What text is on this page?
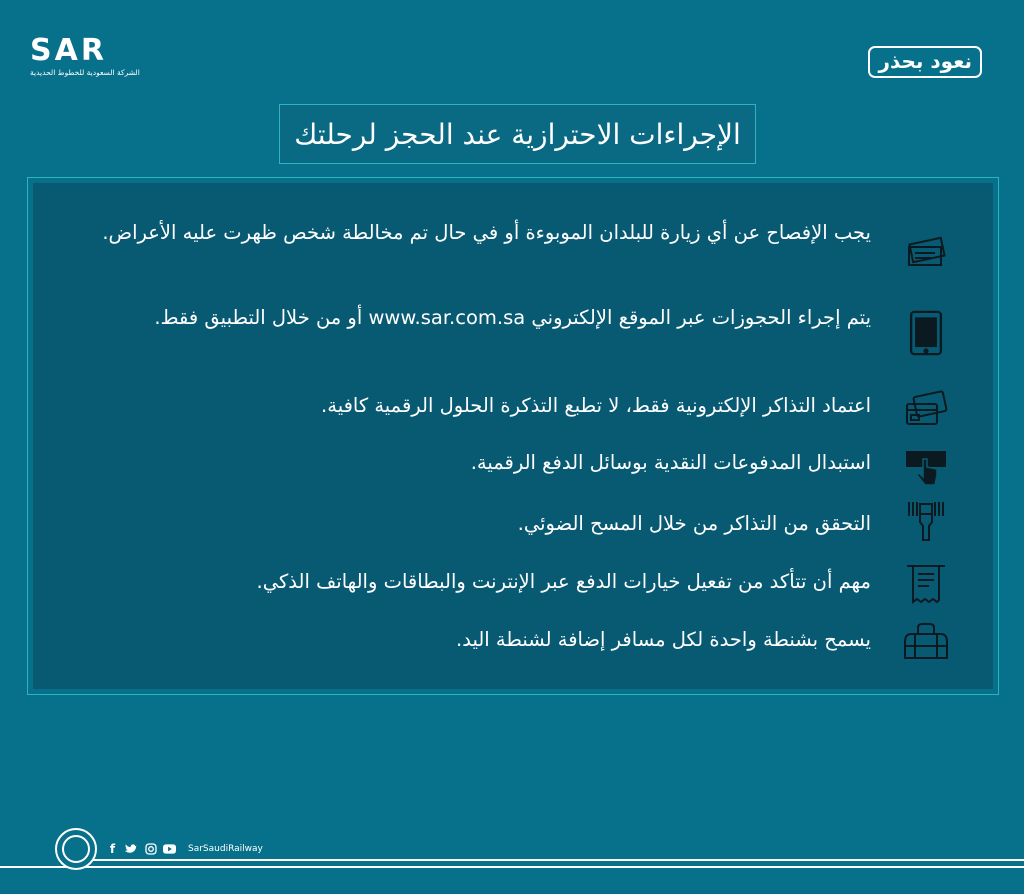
SAR
الشركة السعودية للخطوط الحديدية	نعود بحذر
الإجراءات الاحترازية عند الحجز لرحلتك
يجب الإفصاح عن أي زيارة للبلدان الموبوءة أو في حال تم مخالطة شخص ظهرت عليه الأعراض.
يتم إجراء الحجوزات عبر الموقع الإلكتروني www.sar.com.sa أو من خلال التطبيق فقط.
اعتماد التذاكر الإلكترونية فقط، لا تطبع التذكرة الحلول الرقمية كافية.
استبدال المدفوعات النقدية بوسائل الدفع الرقمية.
التحقق من التذاكر من خلال المسح الضوئي.
مهم أن تتأكد من تفعيل خيارات الدفع عبر الإنترنت والبطاقات والهاتف الذكي.
يسمح بشنطة واحدة لكل مسافر إضافة لشنطة اليد.
f	SarSaudiRailway
